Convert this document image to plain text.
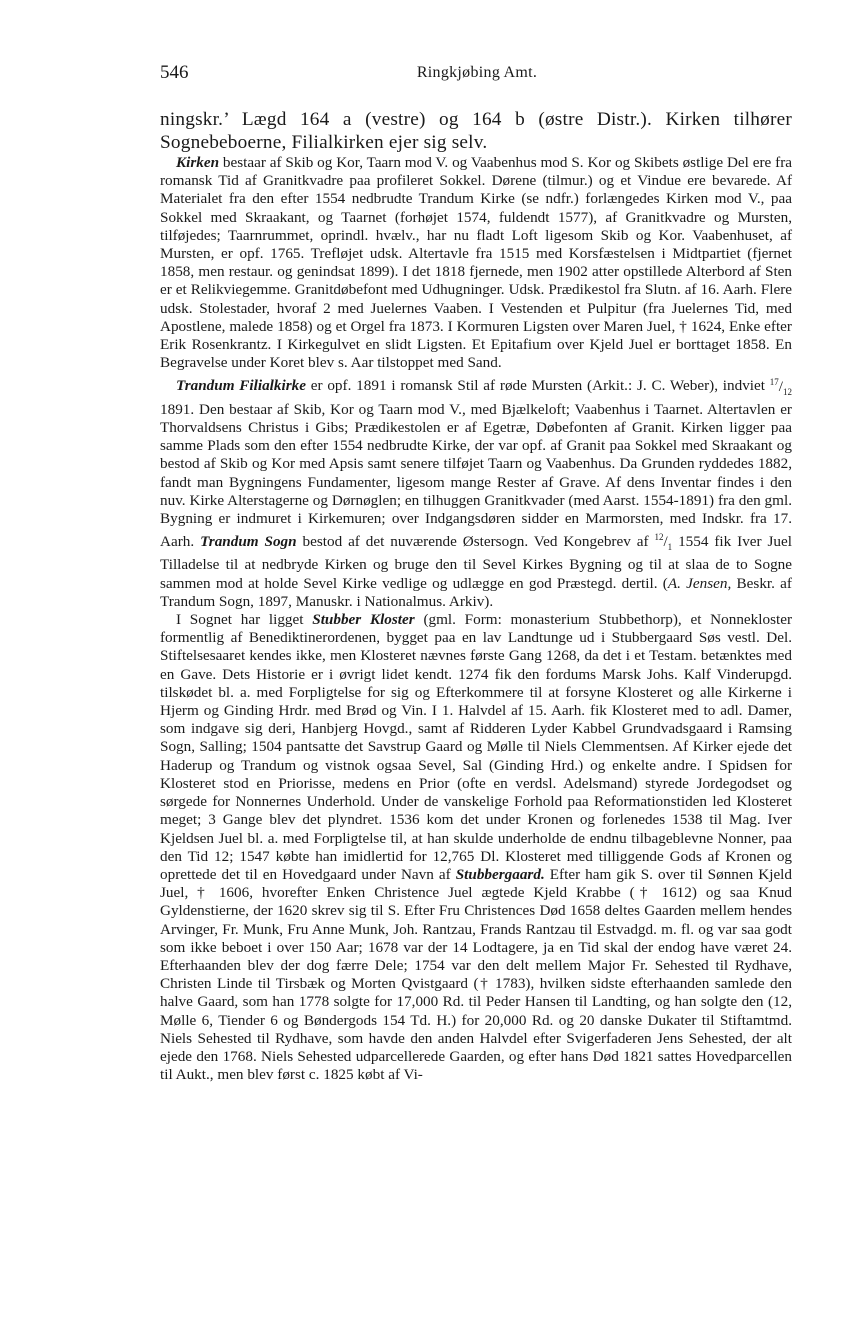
546	Ringkjøbing Amt.

ningskr.’ Lægd 164 a (vestre) og 164 b (østre Distr.). Kirken tilhører Sognebeboerne, Filialkirken ejer sig selv.

Kirken bestaar af Skib og Kor, Taarn mod V. og Vaabenhus mod S. Kor og Skibets østlige Del ere fra romansk Tid af Granitkvadre paa profileret Sokkel. Dørene (tilmur.) og et Vindue ere bevarede. Af Materialet fra den efter 1554 nedbrudte Trandum Kirke (se ndfr.) forlængedes Kirken mod V., paa Sokkel med Skraakant, og Taarnet (forhøjet 1574, fuldendt 1577), af Granitkvadre og Mursten, tilføjedes; Taarnrummet, oprindl. hvælv., har nu fladt Loft ligesom Skib og Kor. Vaabenhuset, af Mursten, er opf. 1765. Trefløjet udsk. Altertavle fra 1515 med Korsfæstelsen i Midtpartiet (fjernet 1858, men restaur. og genindsat 1899). I det 1818 fjernede, men 1902 atter opstillede Alterbord af Sten er et Relikviegemme. Granitdøbefont med Udhugninger. Udsk. Prædikestol fra Slutn. af 16. Aarh. Flere udsk. Stolestader, hvoraf 2 med Juelernes Vaaben. I Vestenden et Pulpitur (fra Juelernes Tid, med Apostlene, malede 1858) og et Orgel fra 1873. I Kormuren Ligsten over Maren Juel, † 1624, Enke efter Erik Rosenkrantz. I Kirkegulvet en slidt Ligsten. Et Epitafium over Kjeld Juel er borttaget 1858. En Begravelse under Koret blev s. Aar tilstoppet med Sand.

Trandum Filialkirke er opf. 1891 i romansk Stil af røde Mursten (Arkit.: J. C. Weber), indviet $^{17}/_{12}$ 1891. Den bestaar af Skib, Kor og Taarn mod V., med Bjælkeloft; Vaabenhus i Taarnet. Altertavlen er Thorvaldsens Christus i Gibs; Prædikestolen er af Egetræ, Døbefonten af Granit. Kirken ligger paa samme Plads som den efter 1554 nedbrudte Kirke, der var opf. af Granit paa Sokkel med Skraakant og bestod af Skib og Kor med Apsis samt senere tilføjet Taarn og Vaabenhus. Da Grunden ryddedes 1882, fandt man Bygningens Fundamenter, ligesom mange Rester af Grave. Af dens Inventar findes i den nuv. Kirke Alterstagerne og Dørnøglen; en tilhuggen Granitkvader (med Aarst. 1554-1891) fra den gml. Bygning er indmuret i Kirkemuren; over Indgangsdøren sidder en Marmorsten, med Indskr. fra 17. Aarh. Trandum Sogn bestod af det nuværende Østersogn. Ved Kongebrev af $^{12}/_1$ 1554 fik Iver Juel Tilladelse til at nedbryde Kirken og bruge den til Sevel Kirkes Bygning og til at slaa de to Sogne sammen mod at holde Sevel Kirke vedlige og udlægge en god Præstegd. dertil. (A. Jensen, Beskr. af Trandum Sogn, 1897, Manuskr. i Nationalmus. Arkiv).

I Sognet har ligget Stubber Kloster (gml. Form: monasterium Stubbethorp), et Nonnekloster formentlig af Benediktinerordenen, bygget paa en lav Landtunge ud i Stubbergaard Søs vestl. Del. Stiftelsesaaret kendes ikke, men Klosteret nævnes første Gang 1268, da det i et Testam. betænktes med en Gave. Dets Historie er i øvrigt lidet kendt. 1274 fik den fordums Marsk Johs. Kalf Vinderupgd. tilskødet bl. a. med Forpligtelse for sig og Efterkommere til at forsyne Klosteret og alle Kirkerne i Hjerm og Ginding Hrdr. med Brød og Vin. I 1. Halvdel af 15. Aarh. fik Klosteret med to adl. Damer, som indgave sig deri, Hanbjerg Hovgd., samt af Ridderen Lyder Kabbel Grundvadsgaard i Ramsing Sogn, Salling; 1504 pantsatte det Savstrup Gaard og Mølle til Niels Clemmentsen. Af Kirker ejede det Haderup og Trandum og vistnok ogsaa Sevel, Sal (Ginding Hrd.) og enkelte andre. I Spidsen for Klosteret stod en Priorisse, medens en Prior (ofte en verdsl. Adelsmand) styrede Jordegodset og sørgede for Nonnernes Underhold. Under de vanskelige Forhold paa Reformationstiden led Klosteret meget; 3 Gange blev det plyndret. 1536 kom det under Kronen og forlenedes 1538 til Mag. Iver Kjeldsen Juel bl. a. med Forpligtelse til, at han skulde underholde de endnu tilbageblevne Nonner, paa den Tid 12; 1547 købte han imidlertid for 12,765 Dl. Klosteret med tilliggende Gods af Kronen og oprettede det til en Hovedgaard under Navn af Stubbergaard. Efter ham gik S. over til Sønnen Kjeld Juel, † 1606, hvorefter Enken Christence Juel ægtede Kjeld Krabbe († 1612) og saa Knud Gyldenstierne, der 1620 skrev sig til S. Efter Fru Christences Død 1658 deltes Gaarden mellem hendes Arvinger, Fr. Munk, Fru Anne Munk, Joh. Rantzau, Frands Rantzau til Estvadgd. m. fl. og var saa godt som ikke beboet i over 150 Aar; 1678 var der 14 Lodtagere, ja en Tid skal der endog have været 24. Efterhaanden blev der dog færre Dele; 1754 var den delt mellem Major Fr. Sehested til Rydhave, Christen Linde til Tirsbæk og Morten Qvistgaard († 1783), hvilken sidste efterhaanden samlede den halve Gaard, som han 1778 solgte for 17,000 Rd. til Peder Hansen til Landting, og han solgte den (12, Mølle 6, Tiender 6 og Bøndergods 154 Td. H.) for 20,000 Rd. og 20 danske Dukater til Stiftamtmd. Niels Sehested til Rydhave, som havde den anden Halvdel efter Svigerfaderen Jens Sehested, der alt ejede den 1768. Niels Sehested udparcellerede Gaarden, og efter hans Død 1821 sattes Hovedparcellen til Aukt., men blev først c. 1825 købt af Vi-
